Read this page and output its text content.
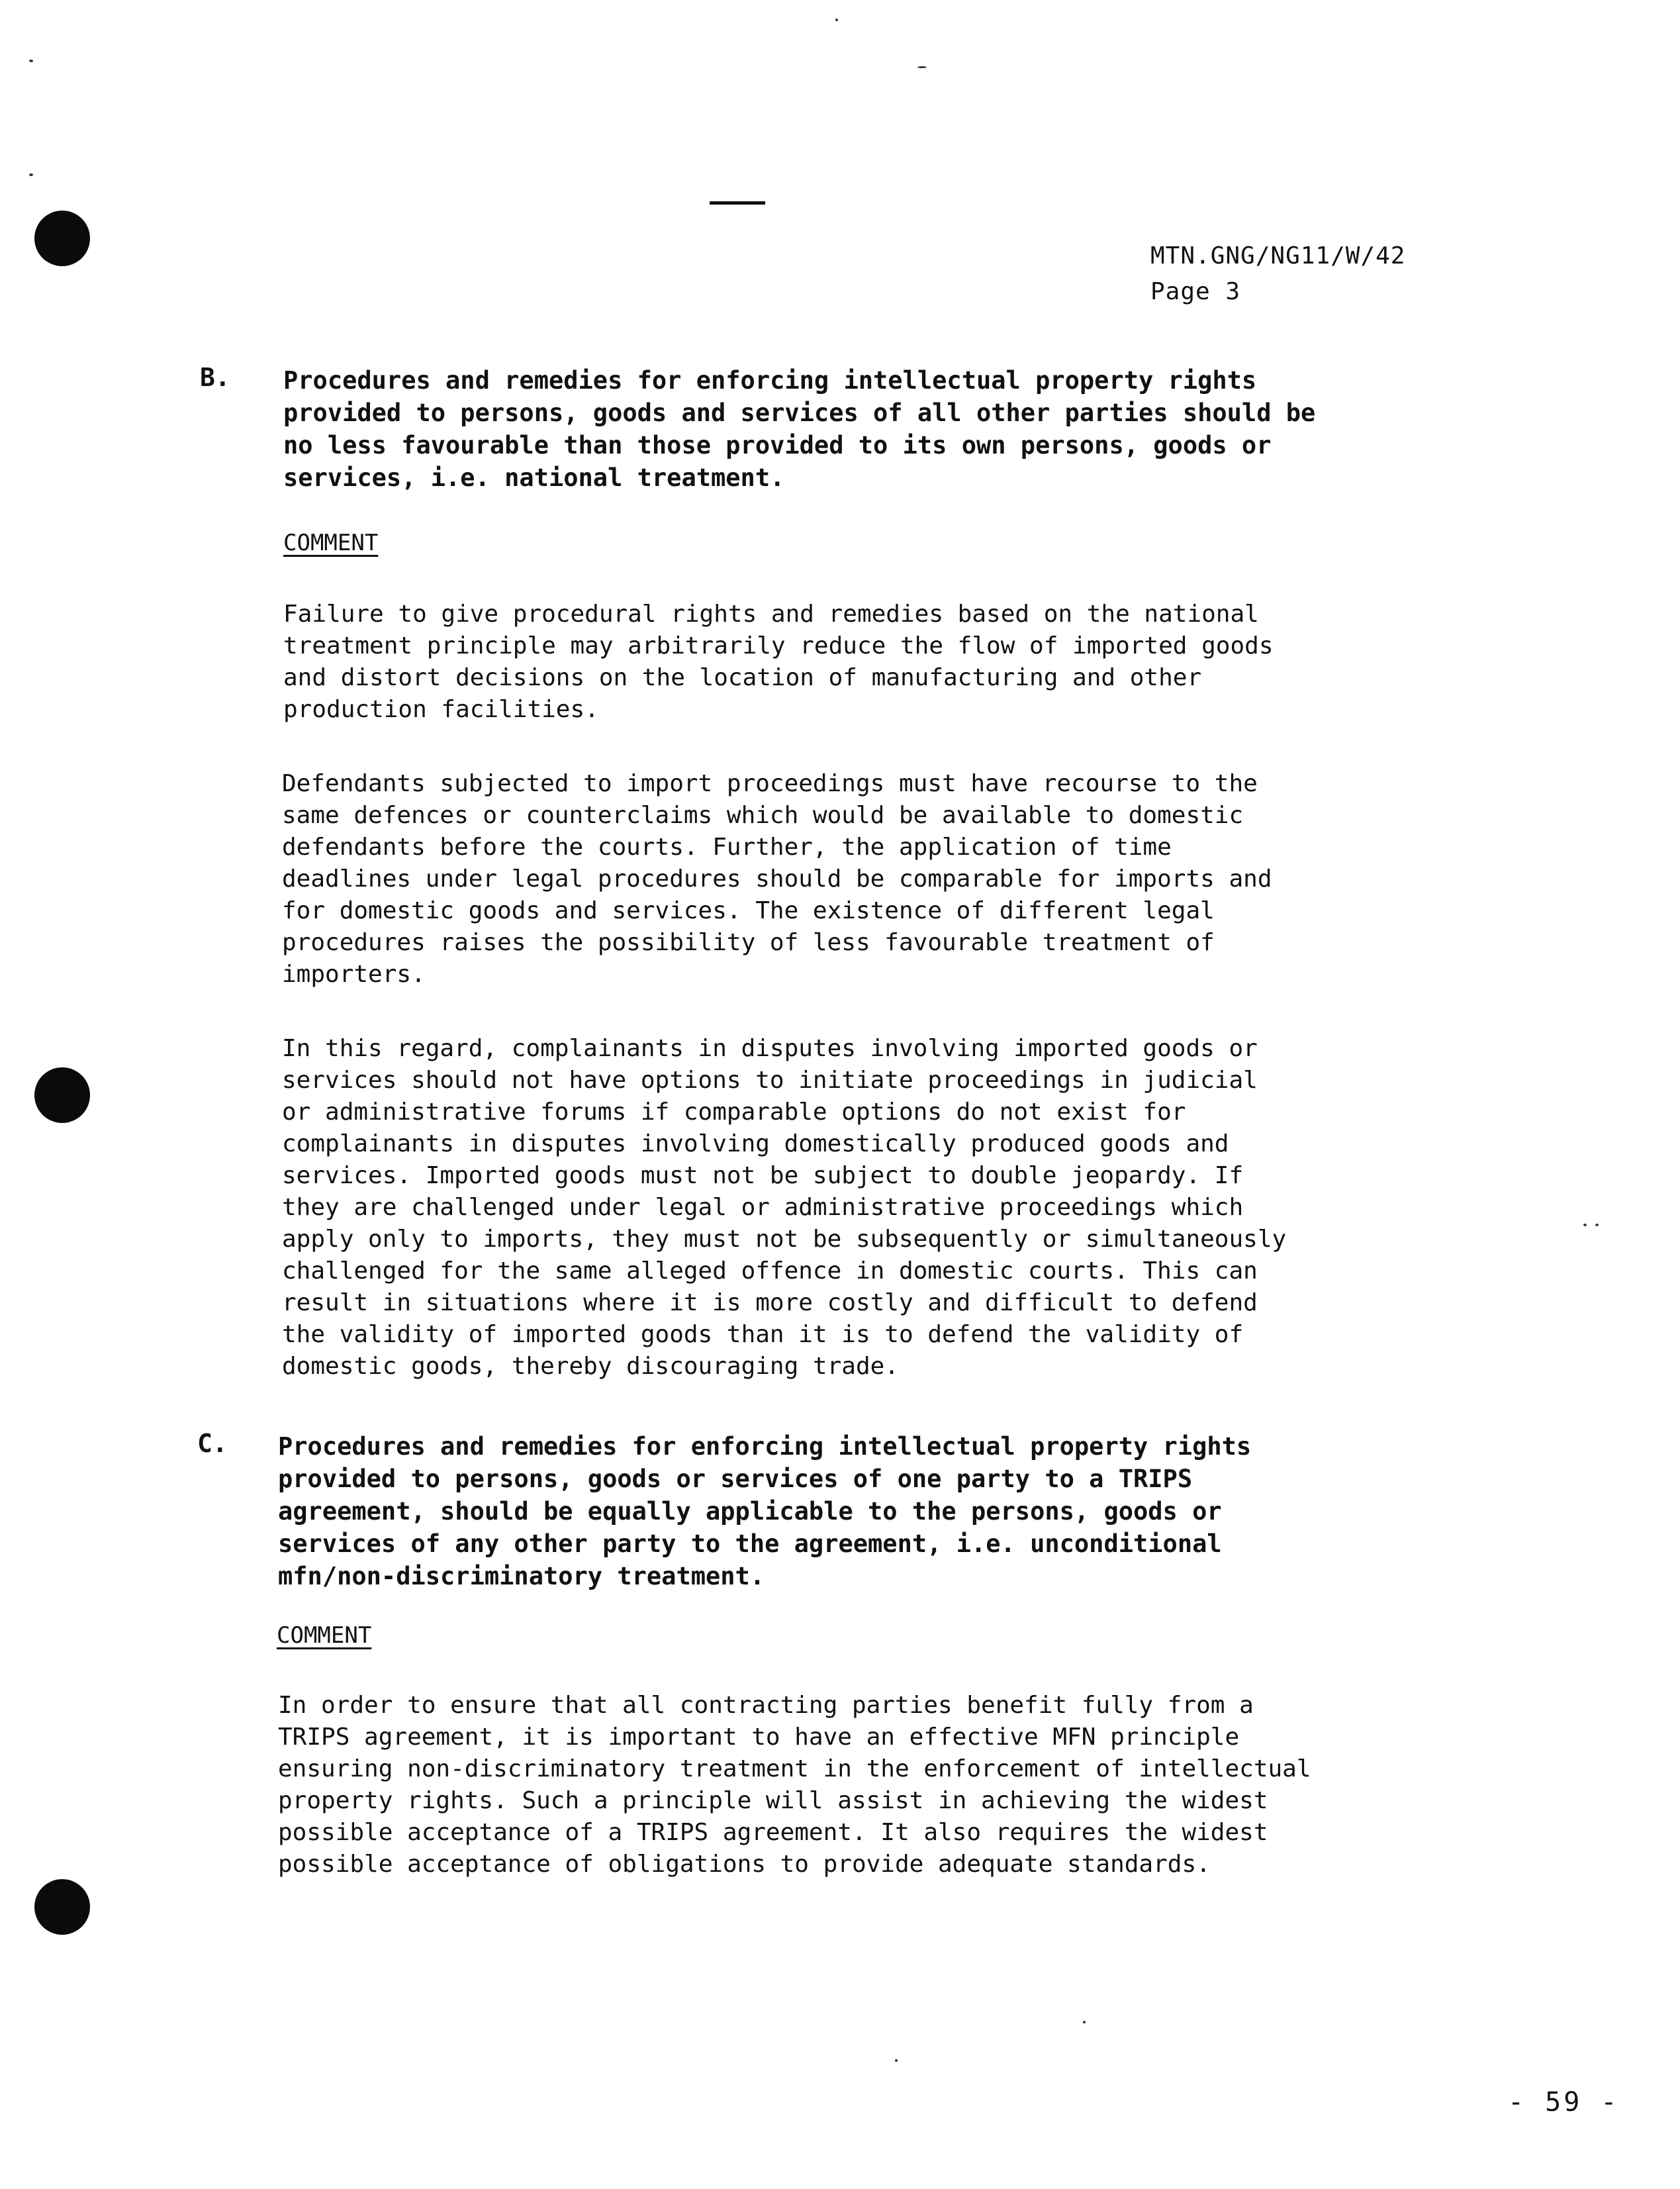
MTN.GNG/NG11/W/42
Page 3
B. Procedures and remedies for enforcing intellectual property rights
provided to persons, goods and services of all other parties should be
no less favourable than those provided to its own persons, goods or
services, i.e. national treatment.
COMMENT
Failure to give procedural rights and remedies based on the national
treatment principle may arbitrarily reduce the flow of imported goods
and distort decisions on the location of manufacturing and other
production facilities.
Defendants subjected to import proceedings must have recourse to the
same defences or counterclaims which would be available to domestic
defendants before the courts. Further, the application of time
deadlines under legal procedures should be comparable for imports and
for domestic goods and services. The existence of different legal
procedures raises the possibility of less favourable treatment of
importers.
In this regard, complainants in disputes involving imported goods or
services should not have options to initiate proceedings in judicial
or administrative forums if comparable options do not exist for
complainants in disputes involving domestically produced goods and
services. Imported goods must not be subject to double jeopardy. If
they are challenged under legal or administrative proceedings which
apply only to imports, they must not be subsequently or simultaneously
challenged for the same alleged offence in domestic courts. This can
result in situations where it is more costly and difficult to defend
the validity of imported goods than it is to defend the validity of
domestic goods, thereby discouraging trade.
C. Procedures and remedies for enforcing intellectual property rights
provided to persons, goods or services of one party to a TRIPS
agreement, should be equally applicable to the persons, goods or
services of any other party to the agreement, i.e. unconditional
mfn/non-discriminatory treatment.
COMMENT
In order to ensure that all contracting parties benefit fully from a
TRIPS agreement, it is important to have an effective MFN principle
ensuring non-discriminatory treatment in the enforcement of intellectual
property rights. Such a principle will assist in achieving the widest
possible acceptance of a TRIPS agreement. It also requires the widest
possible acceptance of obligations to provide adequate standards.
- 59 -
